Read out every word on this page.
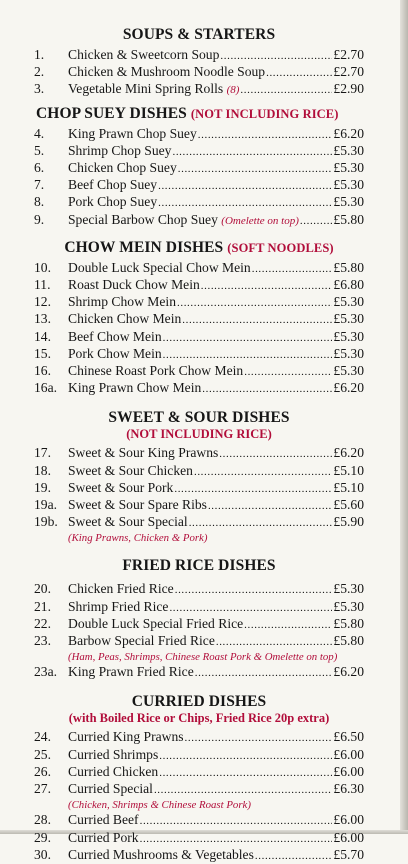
SOUPS & STARTERS
1.	Chicken & Sweetcorn Soup .....	£2.70
2.	Chicken & Mushroom Noodle Soup .....	£2.70
3.	Vegetable Mini Spring Rolls (8) .....	£2.90
CHOP SUEY DISHES (NOT INCLUDING RICE)
4.	King Prawn Chop Suey .....	£6.20
5.	Shrimp Chop Suey .....	£5.30
6.	Chicken Chop Suey .....	£5.30
7.	Beef Chop Suey .....	£5.30
8.	Pork Chop Suey .....	£5.30
9.	Special Barbow Chop Suey (Omelette on top) .....	£5.80
CHOW MEIN DISHES (SOFT NOODLES)
10.	Double Luck Special Chow Mein .....	£5.80
11.	Roast Duck Chow Mein .....	£6.80
12.	Shrimp Chow Mein .....	£5.30
13.	Chicken Chow Mein .....	£5.30
14.	Beef Chow Mein .....	£5.30
15.	Pork Chow Mein .....	£5.30
16.	Chinese Roast Pork Chow Mein .....	£5.30
16a. King Prawn Chow Mein .....	£6.20
SWEET & SOUR DISHES
(NOT INCLUDING RICE)
17.	Sweet & Sour King Prawns .....	£6.20
18.	Sweet & Sour Chicken .....	£5.10
19.	Sweet & Sour Pork .....	£5.10
19a. Sweet & Sour Spare Ribs .....	£5.60
19b. Sweet & Sour Special .....	£5.90
(King Prawns, Chicken & Pork)
FRIED RICE DISHES
20.	Chicken Fried Rice .....	£5.30
21.	Shrimp Fried Rice .....	£5.30
22.	Double Luck Special Fried Rice .....	£5.80
23.	Barbow Special Fried Rice .....	£5.80
(Ham, Peas, Shrimps, Chinese Roast Pork & Omelette on top)
23a. King Prawn Fried Rice .....	£6.20
CURRIED DISHES
(with Boiled Rice or Chips, Fried Rice 20p extra)
24.	Curried King Prawns .....	£6.50
25.	Curried Shrimps .....	£6.00
26.	Curried Chicken .....	£6.00
27.	Curried Special .....	£6.30
(Chicken, Shrimps & Chinese Roast Pork)
28.	Curried Beef .....	£6.00
29.	Curried Pork .....	£6.00
30.	Curried Mushrooms & Vegetables .....	£5.70
